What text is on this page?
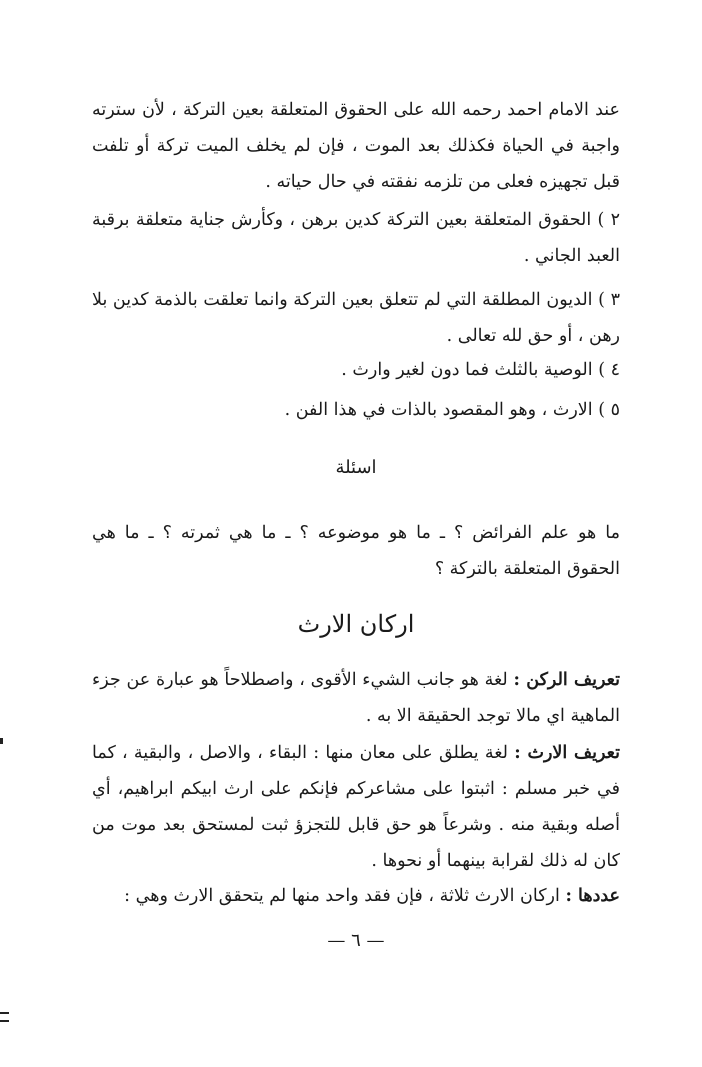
عند الامام احمد رحمه الله على الحقوق المتعلقة بعين التركة ، لأن سترته واجبة في الحياة فكذلك بعد الموت ، فإن لم يخلف الميت تركة أو تلفت قبل تجهيزه فعلى من تلزمه نفقته في حال حياته .
٢ ) الحقوق المتعلقة بعين التركة كدين برهن ، وكأرش جناية متعلقة برقبة العبد الجاني .
٣ ) الديون المطلقة التي لم تتعلق بعين التركة وانما تعلقت بالذمة كدين بلا رهن ، أو حق لله تعالى .
٤ ) الوصية بالثلث فما دون لغير وارث .
٥ ) الارث ، وهو المقصود بالذات في هذا الفن .
اسئلة
ما هو علم الفرائض ؟ ـ ما هو موضوعه ؟ ـ ما هي ثمرته ؟ ـ ما هي الحقوق المتعلقة بالتركة ؟
اركان الارث
تعريف الركن : لغة هو جانب الشيء الأقوى ، واصطلاحاً هو عبارة عن جزء الماهية اي مالا توجد الحقيقة الا به .
تعريف الارث : لغة يطلق على معان منها : البقاء ، والاصل ، والبقية ، كما في خبر مسلم : اثبتوا على مشاعركم فإنكم على ارث ابيكم ابراهيم، أي أصله وبقية منه . وشرعاً هو حق قابل للتجزؤ ثبت لمستحق بعد موت من كان له ذلك لقرابة بينهما أو نحوها .
عددها : اركان الارث ثلاثة ، فإن فقد واحد منها لم يتحقق الارث وهي :
— ٦ —
